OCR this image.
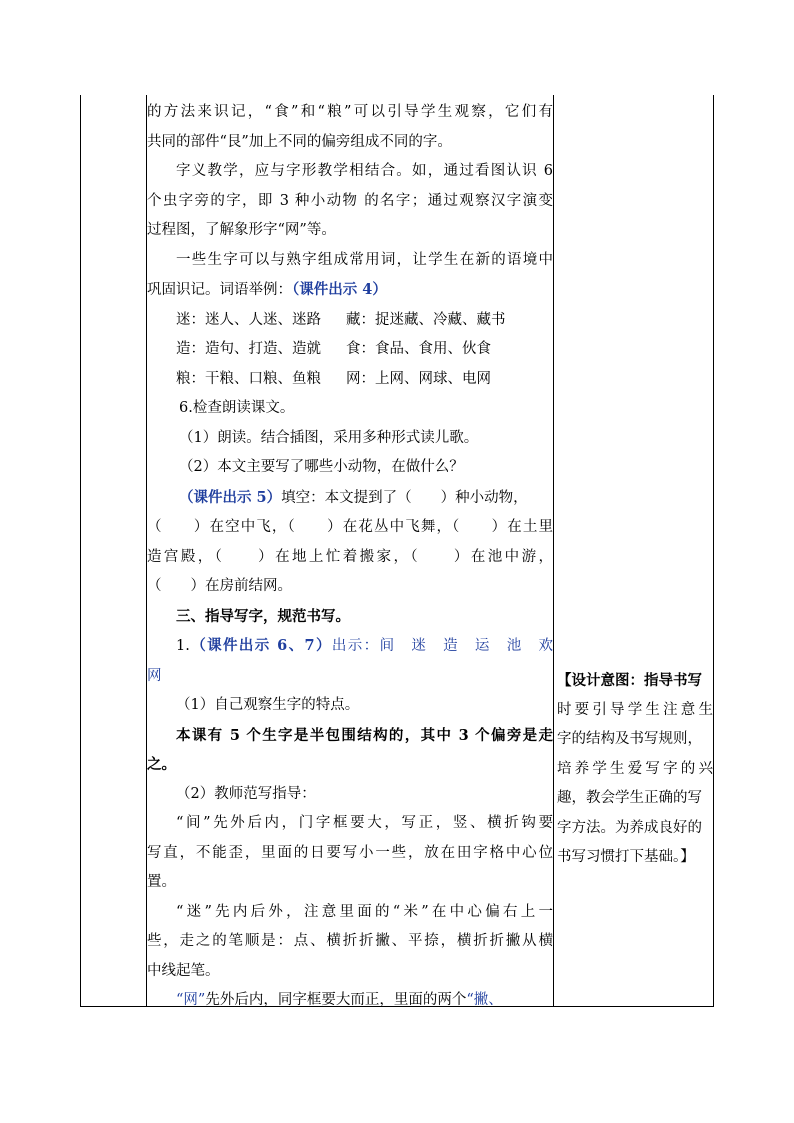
的方法来识记，“食”和“粮”可以引导学生观察，它们有

共同的部件“艮”加上不同的偏旁组成不同的字。

字义教学，应与字形教学相结合。如，通过看图认识 6

个虫字旁的字，即 3 种小动物 的名字；通过观察汉字演变

过程图，了解象形字“网”等。

一些生字可以与熟字组成常用词，让学生在新的语境中

巩固识记。词语举例：（课件出示 4）

迷：迷人、人迷、迷路 藏：捉迷藏、冷藏、藏书

造：造句、打造、造就 食：食品、食用、伙食

粮：干粮、口粮、鱼粮 网：上网、网球、电网

6.检查朗读课文。

（1）朗读。结合插图，采用多种形式读儿歌。

（2）本文主要写了哪些小动物，在做什么？

（课件出示 5）填空：本文提到了（　　）种小动物，

（　　）在空中飞，（　　）在花丛中飞舞，（　　）在土里

造宫殿，（　　）在地上忙着搬家，（　　）在池中游，

（　　）在房前结网。

三、指导写字，规范书写。

1.（课件出示 6、7）出示：间　迷　造　运　池　欢

网

（1）自己观察生字的特点。

本课有 5 个生字是半包围结构的，其中 3 个偏旁是走

之。

（2）教师范写指导：

“间”先外后内，门字框要大，写正，竖、横折钩要

写直，不能歪，里面的日要写小一些，放在田字格中心位

置。

“迷”先内后外，注意里面的“米”在中心偏右上一

些，走之的笔顺是：点、横折折撇、平捺，横折折撇从横

中线起笔。

“网”先外后内，同字框要大而正，里面的两个“撇、

【设计意图：指导书写

时要引导学生注意生

字的结构及书写规则，

培养学生爱写字的兴

趣，教会学生正确的写

字方法。为养成良好的

书写习惯打下基础。】
